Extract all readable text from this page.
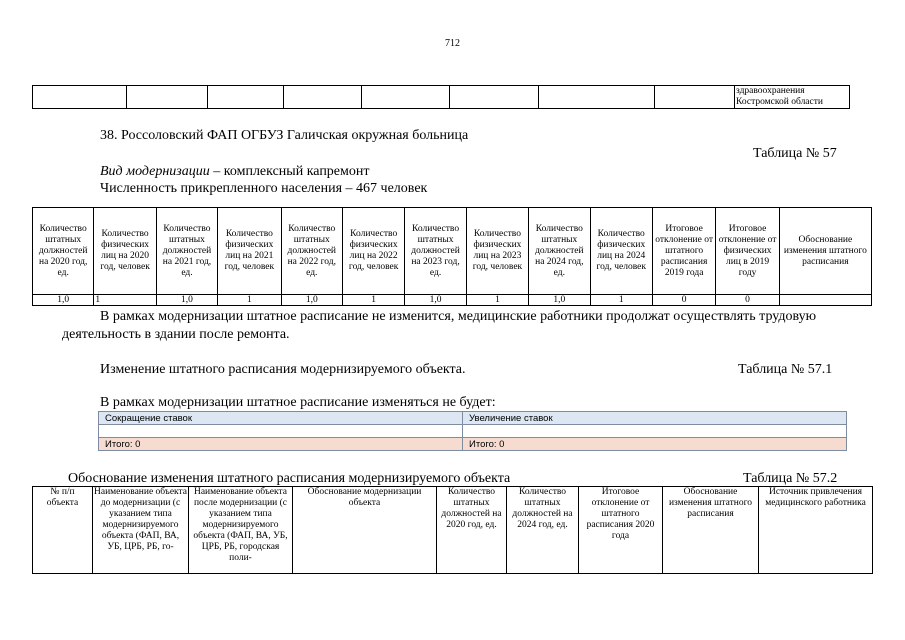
712
								здравоохранения Костромской области
38. Россоловский ФАП ОГБУЗ Галичская окружная больница
Таблица № 57
Вид модернизации – комплексный капремонт
Численность прикрепленного населения – 467 человек
Количество штатных должностей на 2020 год, ед.	Количество физических лиц на 2020 год, человек	Количество штатных должностей на 2021 год, ед.	Количество физических лиц на 2021 год, человек	Количество штатных должностей на 2022 год, ед.	Количество физических лиц на 2022 год, человек	Количество штатных должностей на 2023 год, ед.	Количество физических лиц на 2023 год, человек	Количество штатных должностей на 2024 год, ед.	Количество физических лиц на 2024 год, человек	Итоговое отклонение от штатного расписания 2019 года	Итоговое отклонение от физических лиц в 2019 году	Обоснование изменения штатного расписания
1,0	1	1,0	1	1,0	1	1,0	1	1,0	1	0	0	
В рамках модернизации штатное расписание не изменится, медицинские работники продолжат осуществлять трудовую деятельность в здании после ремонта.
Изменение штатного расписания модернизируемого объекта.	Таблица № 57.1
В рамках модернизации штатное расписание изменяться не будет:
Сокращение ставок	Увеличение ставок

Итого: 0	Итого: 0
Обоснование изменения штатного расписания модернизируемого объекта	Таблица № 57.2
№ п/п объекта	Наименование объекта до модернизации (с указанием типа модернизируемого объекта (ФАП, ВА, УБ, ЦРБ, РБ, го-	Наименование объекта после модернизации (с указанием типа модернизируемого объекта (ФАП, ВА, УБ, ЦРБ, РБ, городская поли-	Обоснование модернизации объекта	Количество штатных должностей на 2020 год, ед.	Количество штатных должностей на 2024 год, ед.	Итоговое отклонение от штатного расписания 2020 года	Обоснование изменения штатного расписания	Источник привлечения медицинского работника
